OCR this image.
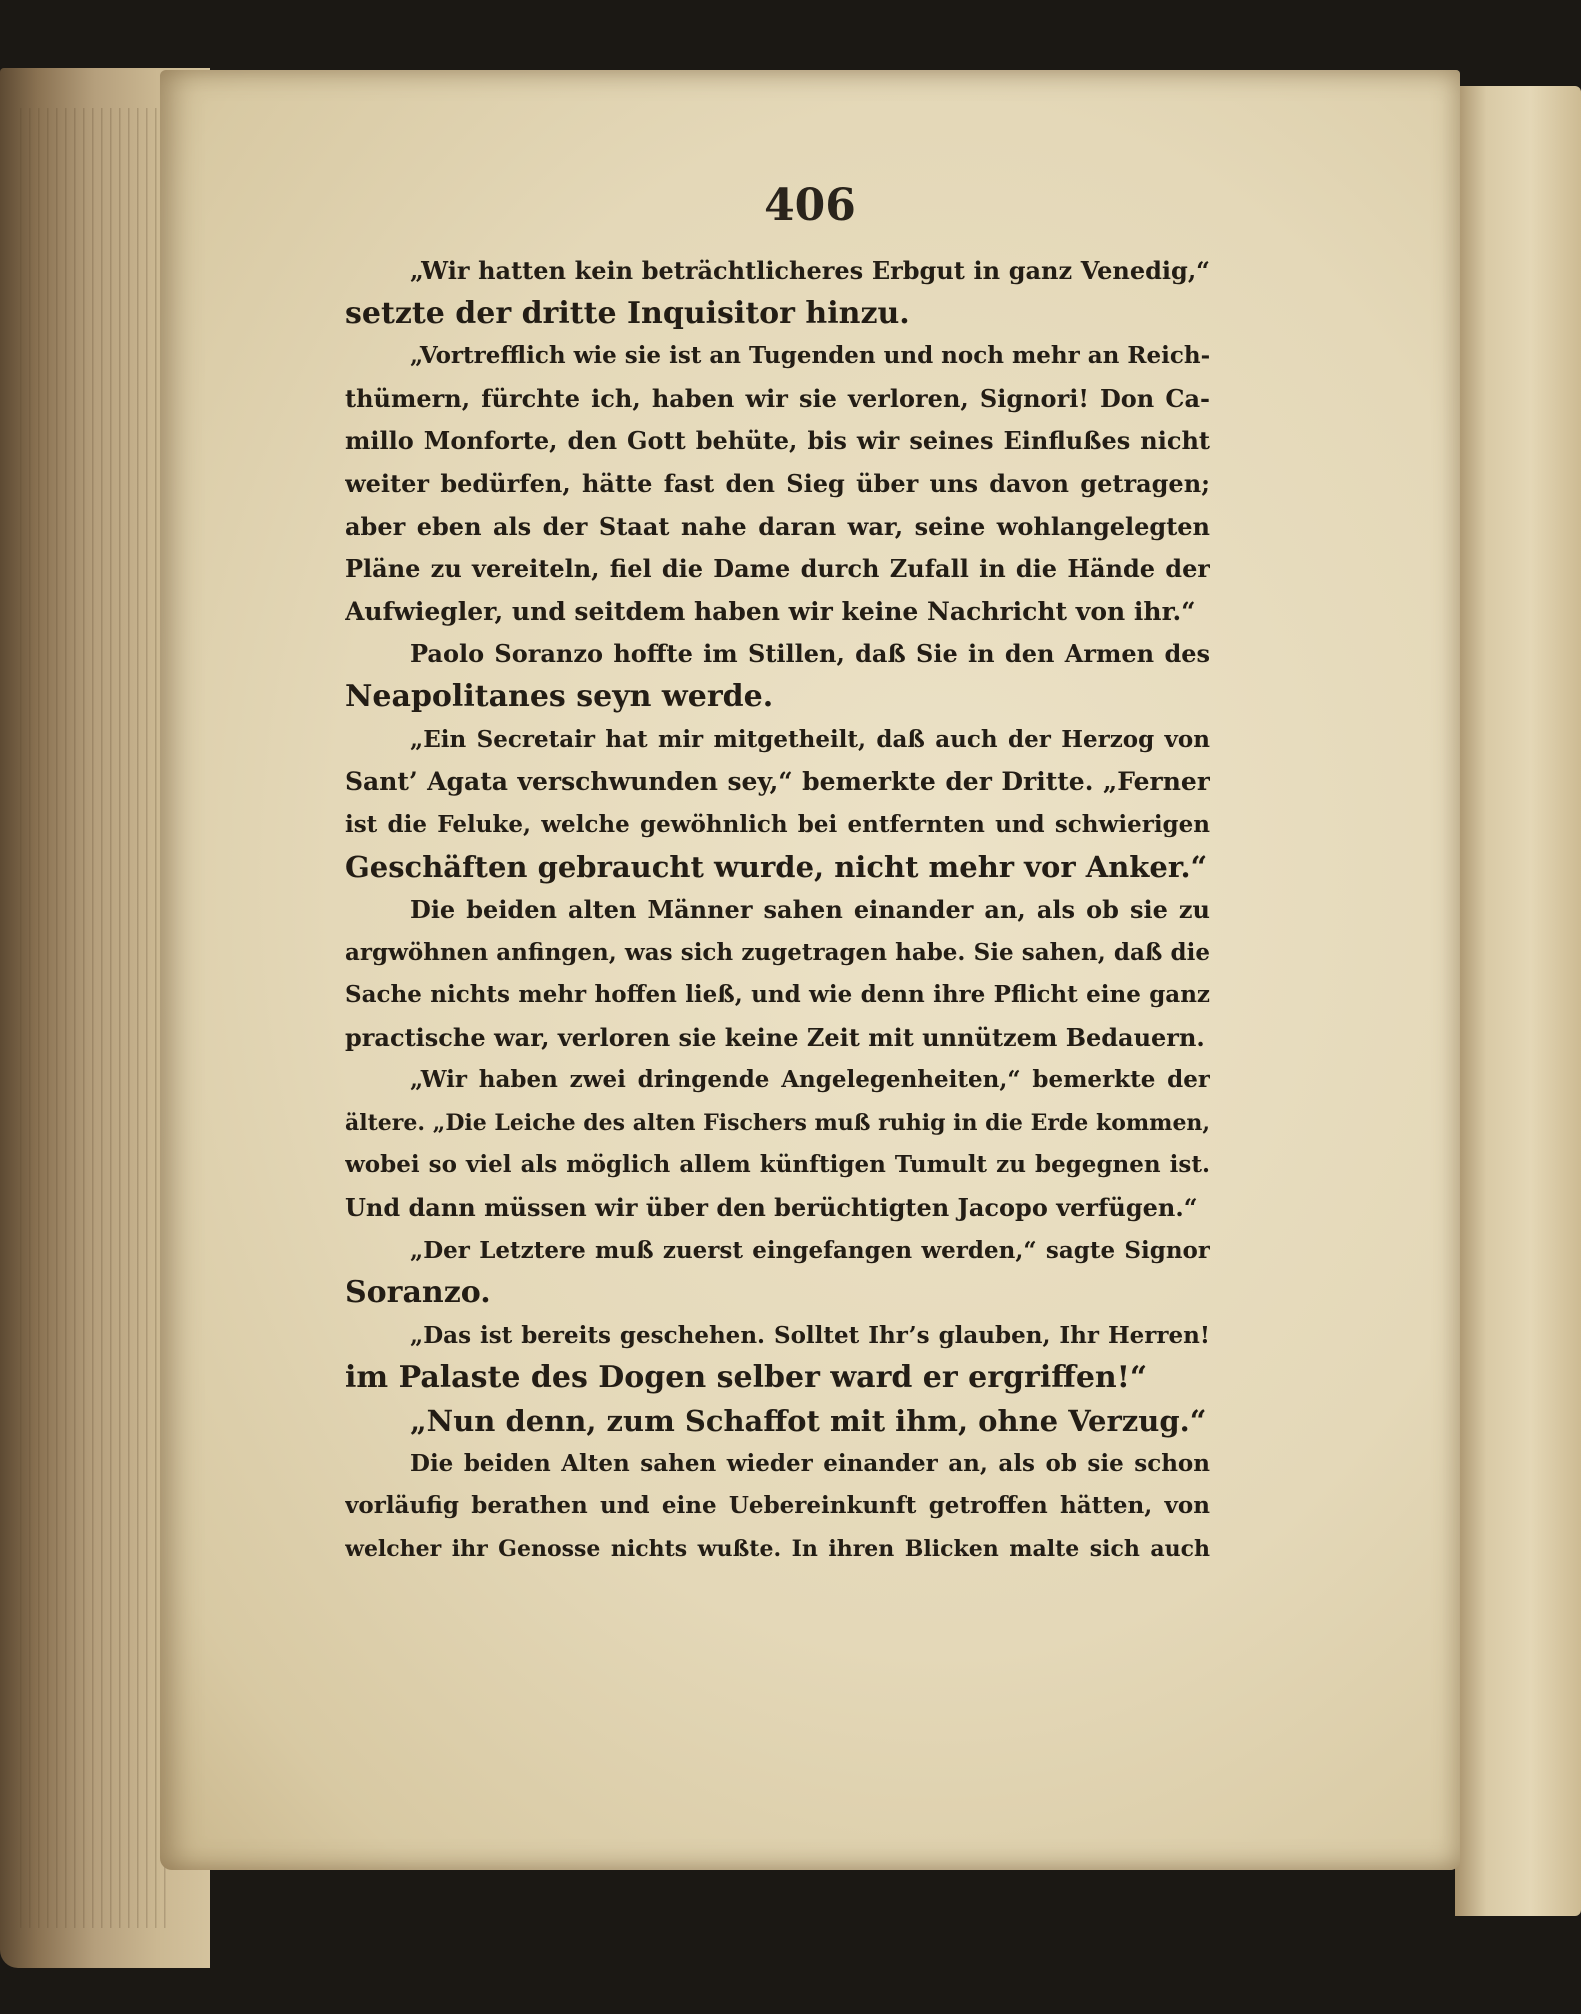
406
„Wir hatten kein beträchtlicheres Erbgut in ganz Venedig,“
setzte der dritte Inquisitor hinzu.
„Vortrefflich wie sie ist an Tugenden und noch mehr an Reich-
thümern, fürchte ich, haben wir sie verloren, Signori! Don Ca-
millo Monforte, den Gott behüte, bis wir seines Einflußes nicht
weiter bedürfen, hätte fast den Sieg über uns davon getragen;
aber eben als der Staat nahe daran war, seine wohlangelegten
Pläne zu vereiteln, fiel die Dame durch Zufall in die Hände der
Aufwiegler, und seitdem haben wir keine Nachricht von ihr.“
Paolo Soranzo hoffte im Stillen, daß Sie in den Armen des
Neapolitanes seyn werde.
„Ein Secretair hat mir mitgetheilt, daß auch der Herzog von
Sant’ Agata verschwunden sey,“ bemerkte der Dritte. „Ferner
ist die Feluke, welche gewöhnlich bei entfernten und schwierigen
Geschäften gebraucht wurde, nicht mehr vor Anker.“
Die beiden alten Männer sahen einander an, als ob sie zu
argwöhnen anfingen, was sich zugetragen habe. Sie sahen, daß die
Sache nichts mehr hoffen ließ, und wie denn ihre Pflicht eine ganz
practische war, verloren sie keine Zeit mit unnützem Bedauern.
„Wir haben zwei dringende Angelegenheiten,“ bemerkte der
ältere. „Die Leiche des alten Fischers muß ruhig in die Erde kommen,
wobei so viel als möglich allem künftigen Tumult zu begegnen ist.
Und dann müssen wir über den berüchtigten Jacopo verfügen.“
„Der Letztere muß zuerst eingefangen werden,“ sagte Signor
Soranzo.
„Das ist bereits geschehen. Solltet Ihr’s glauben, Ihr Herren!
im Palaste des Dogen selber ward er ergriffen!“
„Nun denn, zum Schaffot mit ihm, ohne Verzug.“
Die beiden Alten sahen wieder einander an, als ob sie schon
vorläufig berathen und eine Uebereinkunft getroffen hätten, von
welcher ihr Genosse nichts wußte. In ihren Blicken malte sich auch
